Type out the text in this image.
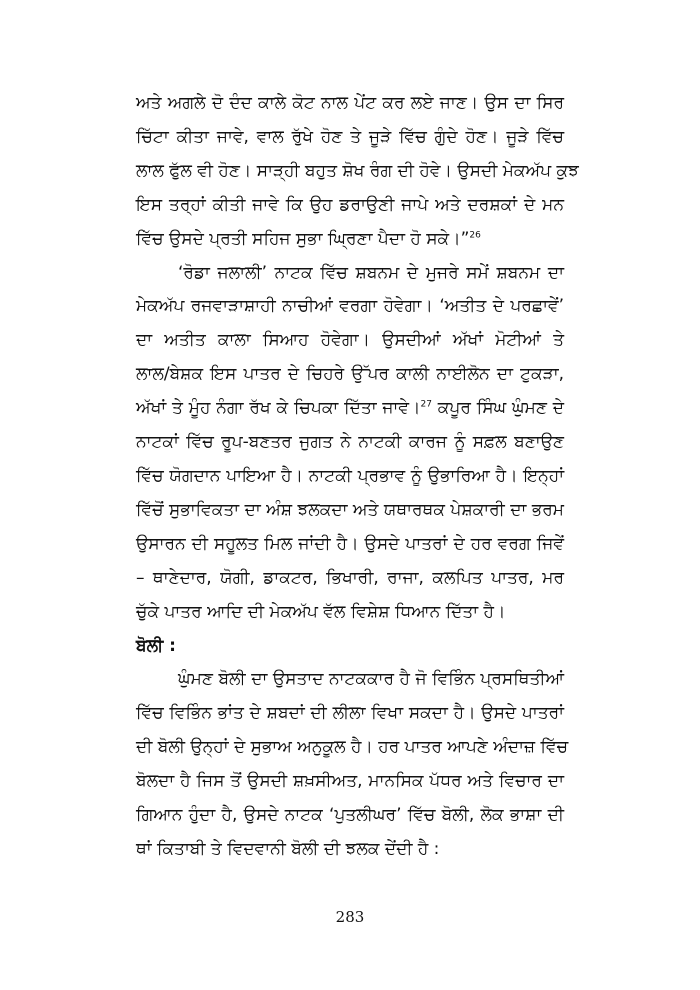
ਅਤੇ ਅਗਲੇ ਦੋ ਦੰਦ ਕਾਲੇ ਕੋਟ ਨਾਲ ਪੇਂਟ ਕਰ ਲਏ ਜਾਣ। ਉਸ ਦਾ ਸਿਰ
ਚਿੱਟਾ ਕੀਤਾ ਜਾਵੇ, ਵਾਲ ਰੁੱਖੇ ਹੋਣ ਤੇ ਜੂੜੇ ਵਿੱਚ ਗੁੰਦੇ ਹੋਣ। ਜੂੜੇ ਵਿੱਚ
ਲਾਲ ਫੁੱਲ ਵੀ ਹੋਣ। ਸਾੜ੍ਹੀ ਬਹੁਤ ਸ਼ੋਖ ਰੰਗ ਦੀ ਹੋਵੇ। ਉਸਦੀ ਮੇਕਅੱਪ ਕੁਝ
ਇਸ ਤਰ੍ਹਾਂ ਕੀਤੀ ਜਾਵੇ ਕਿ ਉਹ ਡਰਾਉਣੀ ਜਾਪੇ ਅਤੇ ਦਰਸ਼ਕਾਂ ਦੇ ਮਨ
ਵਿੱਚ ਉਸਦੇ ਪ੍ਰਤੀ ਸਹਿਜ ਸੁਭਾ ਘ੍ਰਿਣਾ ਪੈਦਾ ਹੋ ਸਕੇ।”$^{26}$
‘ਰੋਡਾ ਜਲਾਲੀ’ ਨਾਟਕ ਵਿੱਚ ਸ਼ਬਨਮ ਦੇ ਮੁਜਰੇ ਸਮੇਂ ਸ਼ਬਨਮ ਦਾ
ਮੇਕਅੱਪ ਰਜਵਾੜਾਸ਼ਾਹੀ ਨਾਚੀਆਂ ਵਰਗਾ ਹੋਵੇਗਾ। ‘ਅਤੀਤ ਦੇ ਪਰਛਾਵੇਂ’
ਦਾ ਅਤੀਤ ਕਾਲਾ ਸਿਆਹ ਹੋਵੇਗਾ। ਉਸਦੀਆਂ ਅੱਖਾਂ ਮੋਟੀਆਂ ਤੇ
ਲਾਲ/ਬੇਸ਼ਕ ਇਸ ਪਾਤਰ ਦੇ ਚਿਹਰੇ ਉੱਪਰ ਕਾਲੀ ਨਾਈਲੋਨ ਦਾ ਟੁਕੜਾ,
ਅੱਖਾਂ ਤੇ ਮੂੰਹ ਨੰਗਾ ਰੱਖ ਕੇ ਚਿਪਕਾ ਦਿੱਤਾ ਜਾਵੇ।$^{27}$ ਕਪੂਰ ਸਿੰਘ ਘੁੰਮਣ ਦੇ
ਨਾਟਕਾਂ ਵਿੱਚ ਰੂਪ-ਬਣਤਰ ਜੁਗਤ ਨੇ ਨਾਟਕੀ ਕਾਰਜ ਨੂੰ ਸਫ਼ਲ ਬਣਾਉਣ
ਵਿੱਚ ਯੋਗਦਾਨ ਪਾਇਆ ਹੈ। ਨਾਟਕੀ ਪ੍ਰਭਾਵ ਨੂੰ ਉਭਾਰਿਆ ਹੈ। ਇਨ੍ਹਾਂ
ਵਿੱਚੋਂ ਸੁਭਾਵਿਕਤਾ ਦਾ ਅੰਸ਼ ਝਲਕਦਾ ਅਤੇ ਯਥਾਰਥਕ ਪੇਸ਼ਕਾਰੀ ਦਾ ਭਰਮ
ਉਸਾਰਨ ਦੀ ਸਹੂਲਤ ਮਿਲ ਜਾਂਦੀ ਹੈ। ਉਸਦੇ ਪਾਤਰਾਂ ਦੇ ਹਰ ਵਰਗ ਜਿਵੇਂ
– ਥਾਣੇਦਾਰ, ਯੋਗੀ, ਡਾਕਟਰ, ਭਿਖਾਰੀ, ਰਾਜਾ, ਕਲਪਿਤ ਪਾਤਰ, ਮਰ
ਚੁੱਕੇ ਪਾਤਰ ਆਦਿ ਦੀ ਮੇਕਅੱਪ ਵੱਲ ਵਿਸ਼ੇਸ਼ ਧਿਆਨ ਦਿੱਤਾ ਹੈ।
ਬੋਲੀ :
ਘੁੰਮਣ ਬੋਲੀ ਦਾ ਉਸਤਾਦ ਨਾਟਕਕਾਰ ਹੈ ਜੋ ਵਿਭਿੰਨ ਪ੍ਰਸਥਿਤੀਆਂ
ਵਿੱਚ ਵਿਭਿੰਨ ਭਾਂਤ ਦੇ ਸ਼ਬਦਾਂ ਦੀ ਲੀਲਾ ਵਿਖਾ ਸਕਦਾ ਹੈ। ਉਸਦੇ ਪਾਤਰਾਂ
ਦੀ ਬੋਲੀ ਉਨ੍ਹਾਂ ਦੇ ਸੁਭਾਅ ਅਨੁਕੂਲ ਹੈ। ਹਰ ਪਾਤਰ ਆਪਣੇ ਅੰਦਾਜ਼ ਵਿੱਚ
ਬੋਲਦਾ ਹੈ ਜਿਸ ਤੋਂ ਉਸਦੀ ਸ਼ਖ਼ਸੀਅਤ, ਮਾਨਸਿਕ ਪੱਧਰ ਅਤੇ ਵਿਚਾਰ ਦਾ
ਗਿਆਨ ਹੁੰਦਾ ਹੈ, ਉਸਦੇ ਨਾਟਕ ‘ਪੁਤਲੀਘਰ’ ਵਿੱਚ ਬੋਲੀ, ਲੋਕ ਭਾਸ਼ਾ ਦੀ
ਥਾਂ ਕਿਤਾਬੀ ਤੇ ਵਿਦਵਾਨੀ ਬੋਲੀ ਦੀ ਝਲਕ ਦੇਂਦੀ ਹੈ :
283
